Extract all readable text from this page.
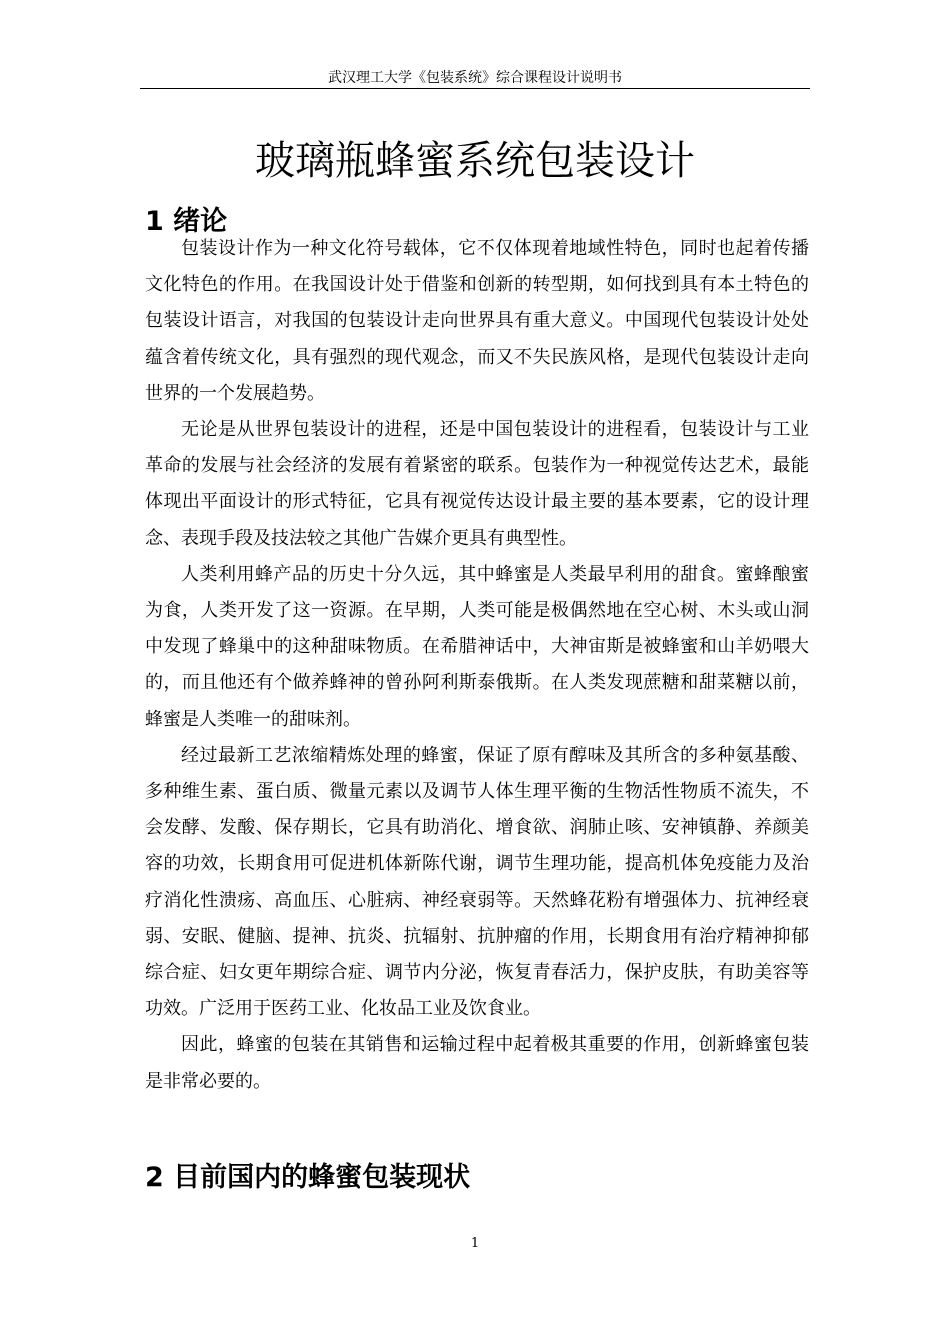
武汉理工大学《包装系统》综合课程设计说明书
玻璃瓶蜂蜜系统包装设计
1 绪论

包装设计作为一种文化符号载体，它不仅体现着地域性特色，同时也起着传播文化特色的作用。在我国设计处于借鉴和创新的转型期，如何找到具有本土特色的包装设计语言，对我国的包装设计走向世界具有重大意义。中国现代包装设计处处蕴含着传统文化，具有强烈的现代观念，而又不失民族风格，是现代包装设计走向世界的一个发展趋势。

无论是从世界包装设计的进程，还是中国包装设计的进程看，包装设计与工业革命的发展与社会经济的发展有着紧密的联系。包装作为一种视觉传达艺术，最能体现出平面设计的形式特征，它具有视觉传达设计最主要的基本要素，它的设计理念、表现手段及技法较之其他广告媒介更具有典型性。

人类利用蜂产品的历史十分久远，其中蜂蜜是人类最早利用的甜食。蜜蜂酿蜜为食，人类开发了这一资源。在早期，人类可能是极偶然地在空心树、木头或山洞中发现了蜂巢中的这种甜味物质。在希腊神话中，大神宙斯是被蜂蜜和山羊奶喂大的，而且他还有个做养蜂神的曾孙阿利斯泰俄斯。在人类发现蔗糖和甜菜糖以前，蜂蜜是人类唯一的甜味剂。

经过最新工艺浓缩精炼处理的蜂蜜，保证了原有醇味及其所含的多种氨基酸、多种维生素、蛋白质、微量元素以及调节人体生理平衡的生物活性物质不流失，不会发酵、发酸、保存期长，它具有助消化、增食欲、润肺止咳、安神镇静、养颜美容的功效，长期食用可促进机体新陈代谢，调节生理功能，提高机体免疫能力及治疗消化性溃疡、高血压、心脏病、神经衰弱等。天然蜂花粉有增强体力、抗神经衰弱、安眠、健脑、提神、抗炎、抗辐射、抗肿瘤的作用，长期食用有治疗精神抑郁综合症、妇女更年期综合症、调节内分泌，恢复青春活力，保护皮肤，有助美容等功效。广泛用于医药工业、化妆品工业及饮食业。

因此，蜂蜜的包装在其销售和运输过程中起着极其重要的作用，创新蜂蜜包装是非常必要的。

2 目前国内的蜂蜜包装现状
1
